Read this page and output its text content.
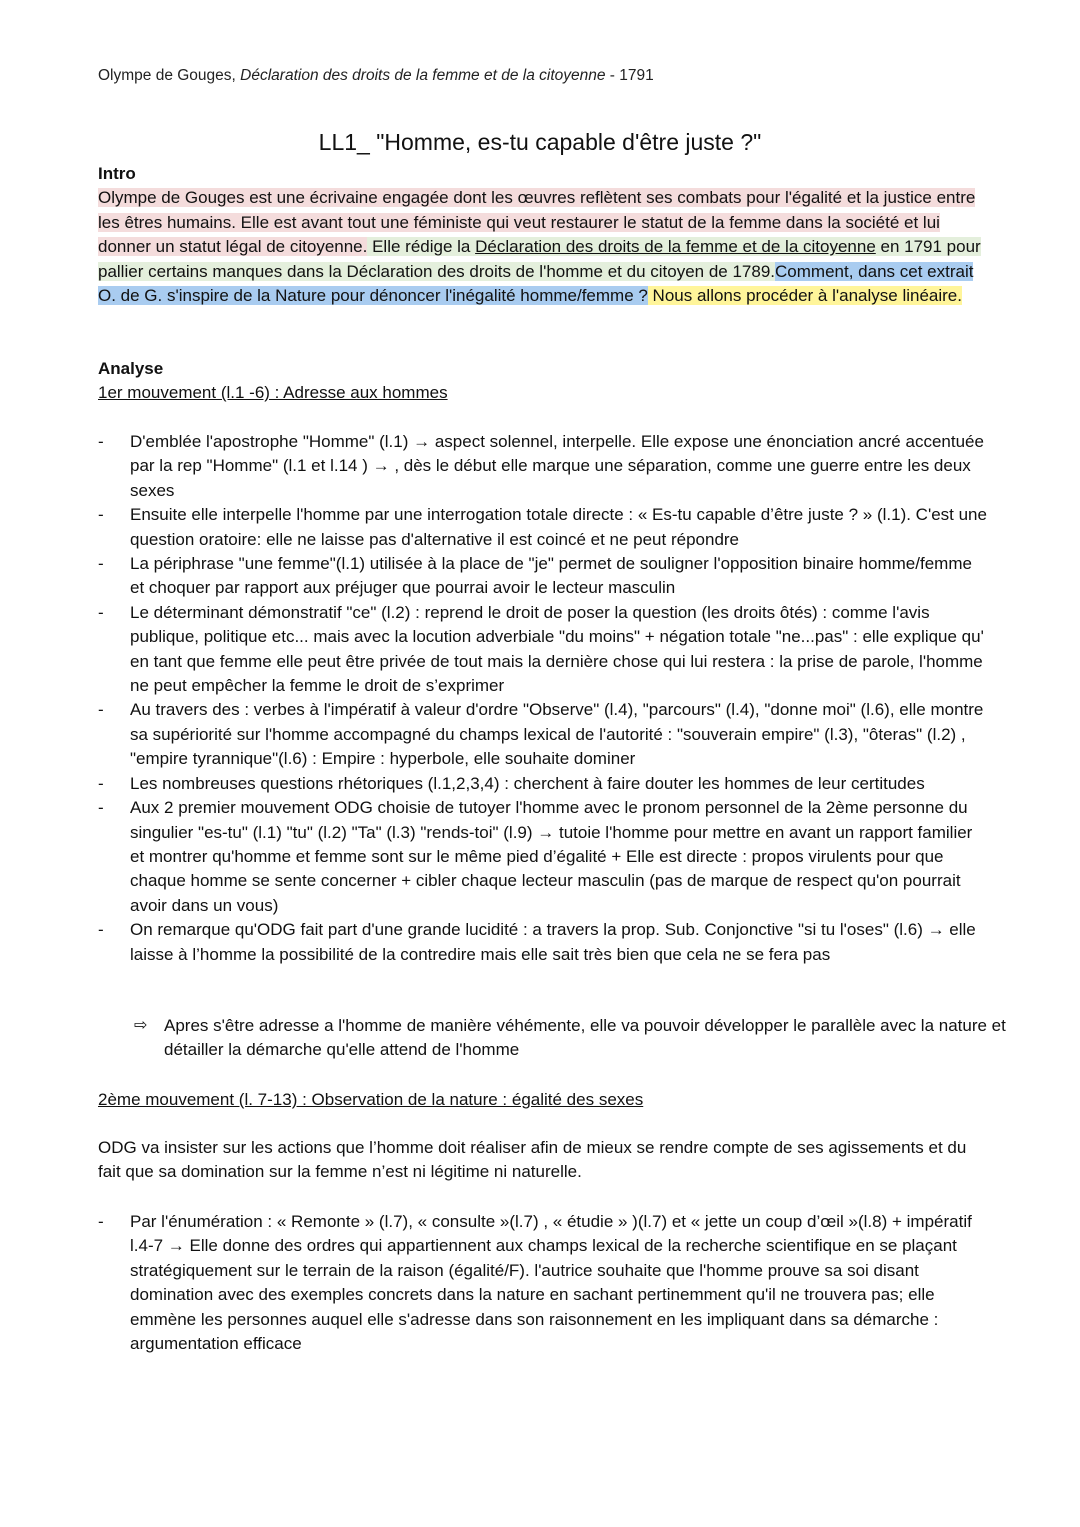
Olympe de Gouges, Déclaration des droits de la femme et de la citoyenne - 1791
LL1_ "Homme, es-tu capable d'être juste ?"
Intro

Olympe de Gouges est une écrivaine engagée dont les œuvres reflètent ses combats pour l'égalité et la justice entre les êtres humains. Elle est avant tout une féministe qui veut restaurer le statut de la femme dans la société et lui donner un statut légal de citoyenne. Elle rédige la Déclaration des droits de la femme et de la citoyenne en 1791 pour pallier certains manques dans la Déclaration des droits de l'homme et du citoyen de 1789.Comment, dans cet extrait O. de G. s'inspire de la Nature pour dénoncer l'inégalité homme/femme ? Nous allons procéder à l'analyse linéaire.

Analyse
1er mouvement (l.1 -6) : Adresse aux hommes
- D'emblée l'apostrophe "Homme" (l.1) → aspect solennel, interpelle. Elle expose une énonciation ancré accentuée par la rep "Homme" (l.1 et l.14 ) → , dès le début elle marque une séparation, comme une guerre entre les deux sexes
- Ensuite elle interpelle l'homme par une interrogation totale directe : « Es-tu capable d’être juste ? » (l.1). C'est une question oratoire: elle ne laisse pas d'alternative il est coincé et ne peut répondre
- La périphrase "une femme"(l.1) utilisée à la place de "je" permet de souligner l'opposition binaire homme/femme et choquer par rapport aux préjuger que pourrai avoir le lecteur masculin
- Le déterminant démonstratif "ce" (l.2) : reprend le droit de poser la question (les droits ôtés) : comme l'avis publique, politique etc... mais avec la locution adverbiale "du moins" + négation totale "ne...pas" : elle explique qu' en tant que femme elle peut être privée de tout mais la dernière chose qui lui restera : la prise de parole, l'homme ne peut empêcher la femme le droit de s’exprimer
- Au travers des : verbes à l'impératif à valeur d'ordre "Observe" (l.4), "parcours" (l.4), "donne moi" (l.6), elle montre sa supériorité sur l'homme accompagné du champs lexical de l'autorité : "souverain empire" (l.3), "ôteras" (l.2) , "empire tyrannique"(l.6) : Empire : hyperbole, elle souhaite dominer
- Les nombreuses questions rhétoriques (l.1,2,3,4) : cherchent à faire douter les hommes de leur certitudes
- Aux 2 premier mouvement ODG choisie de tutoyer l'homme avec le pronom personnel de la 2ème personne du singulier "es-tu" (l.1) "tu" (l.2) "Ta" (l.3) "rends-toi" (l.9) → tutoie l'homme pour mettre en avant un rapport familier et montrer qu'homme et femme sont sur le même pied d’égalité + Elle est directe : propos virulents pour que chaque homme se sente concerner + cibler chaque lecteur masculin (pas de marque de respect qu'on pourrait avoir dans un vous)
- On remarque qu'ODG fait part d'une grande lucidité : a travers la prop. Sub. Conjonctive "si tu l'oses" (l.6) → elle laisse à l’homme la possibilité de la contredire mais elle sait très bien que cela ne se fera pas
⇨ Apres s'être adresse a l'homme de manière véhémente, elle va pouvoir développer le parallèle avec la nature et détailler la démarche qu'elle attend de l'homme
2ème mouvement (l. 7-13) : Observation de la nature : égalité des sexes

ODG va insister sur les actions que l’homme doit réaliser afin de mieux se rendre compte de ses agissements et du fait que sa domination sur la femme n’est ni légitime ni naturelle.

- Par l'énumération : « Remonte » (l.7), « consulte »(l.7) , « étudie » )(l.7) et « jette un coup d’œil »(l.8) + impératif l.4-7 → Elle donne des ordres qui appartiennent aux champs lexical de la recherche scientifique en se plaçant stratégiquement sur le terrain de la raison (égalité/F). l'autrice souhaite que l'homme prouve sa soi disant domination avec des exemples concrets dans la nature en sachant pertinemment qu'il ne trouvera pas; elle emmène les personnes auquel elle s'adresse dans son raisonnement en les impliquant dans sa démarche : argumentation efficace
